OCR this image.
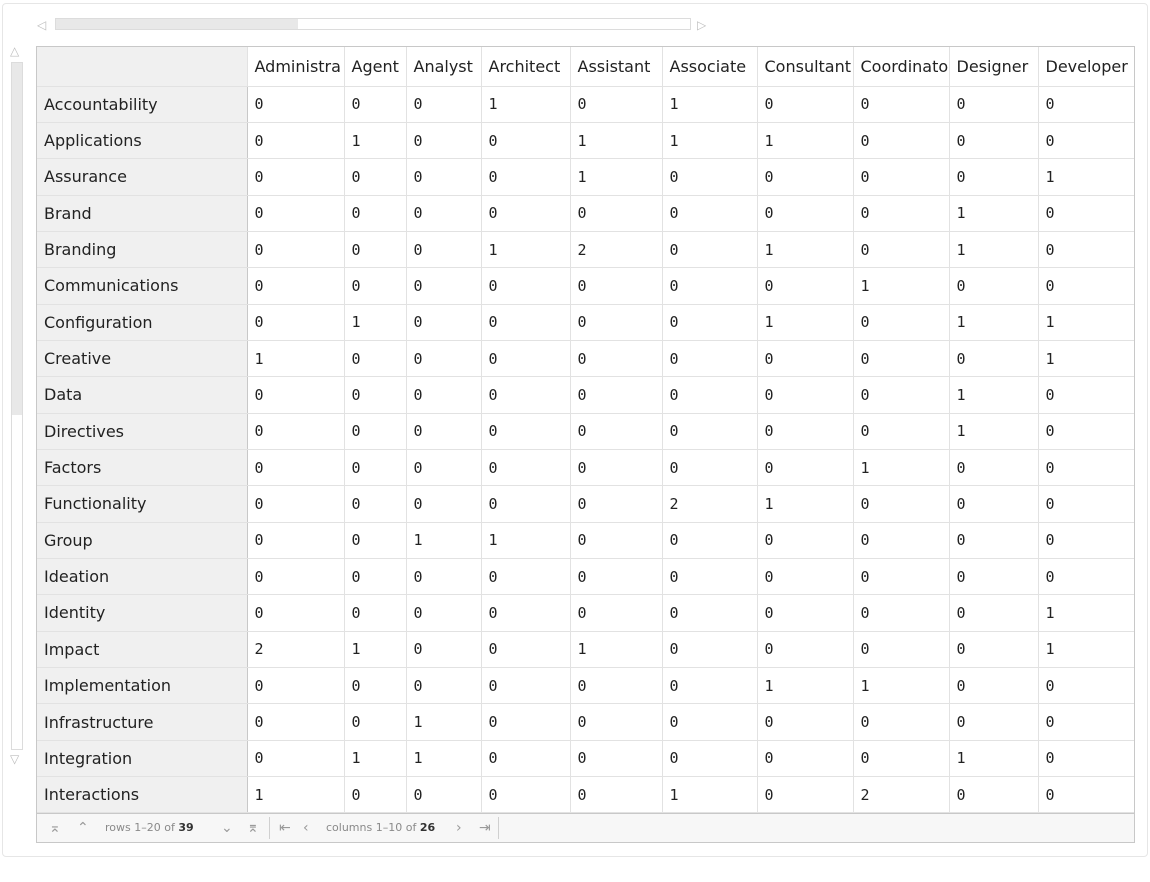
◁	▷
△
▽
	Administra	Agent	Analyst	Architect	Assistant	Associate	Consultant	Coordinato	Designer	Developer
Accountability	0	0	0	1	0	1	0	0	0	0
Applications	0	1	0	0	1	1	1	0	0	0
Assurance	0	0	0	0	1	0	0	0	0	1
Brand	0	0	0	0	0	0	0	0	1	0
Branding	0	0	0	1	2	0	1	0	1	0
Communications	0	0	0	0	0	0	0	1	0	0
Configuration	0	1	0	0	0	0	1	0	1	1
Creative	1	0	0	0	0	0	0	0	0	1
Data	0	0	0	0	0	0	0	0	1	0
Directives	0	0	0	0	0	0	0	0	1	0
Factors	0	0	0	0	0	0	0	1	0	0
Functionality	0	0	0	0	0	2	1	0	0	0
Group	0	0	1	1	0	0	0	0	0	0
Ideation	0	0	0	0	0	0	0	0	0	0
Identity	0	0	0	0	0	0	0	0	0	1
Impact	2	1	0	0	1	0	0	0	0	1
Implementation	0	0	0	0	0	0	1	1	0	0
Infrastructure	0	0	1	0	0	0	0	0	0	0
Integration	0	1	1	0	0	0	0	0	1	0
Interactions	1	0	0	0	0	1	0	2	0	0
⌅ ⌃ rows 1–20 of 39 ⌄ ⌆ ⇤ ‹ columns 1–10 of 26 › ⇥
